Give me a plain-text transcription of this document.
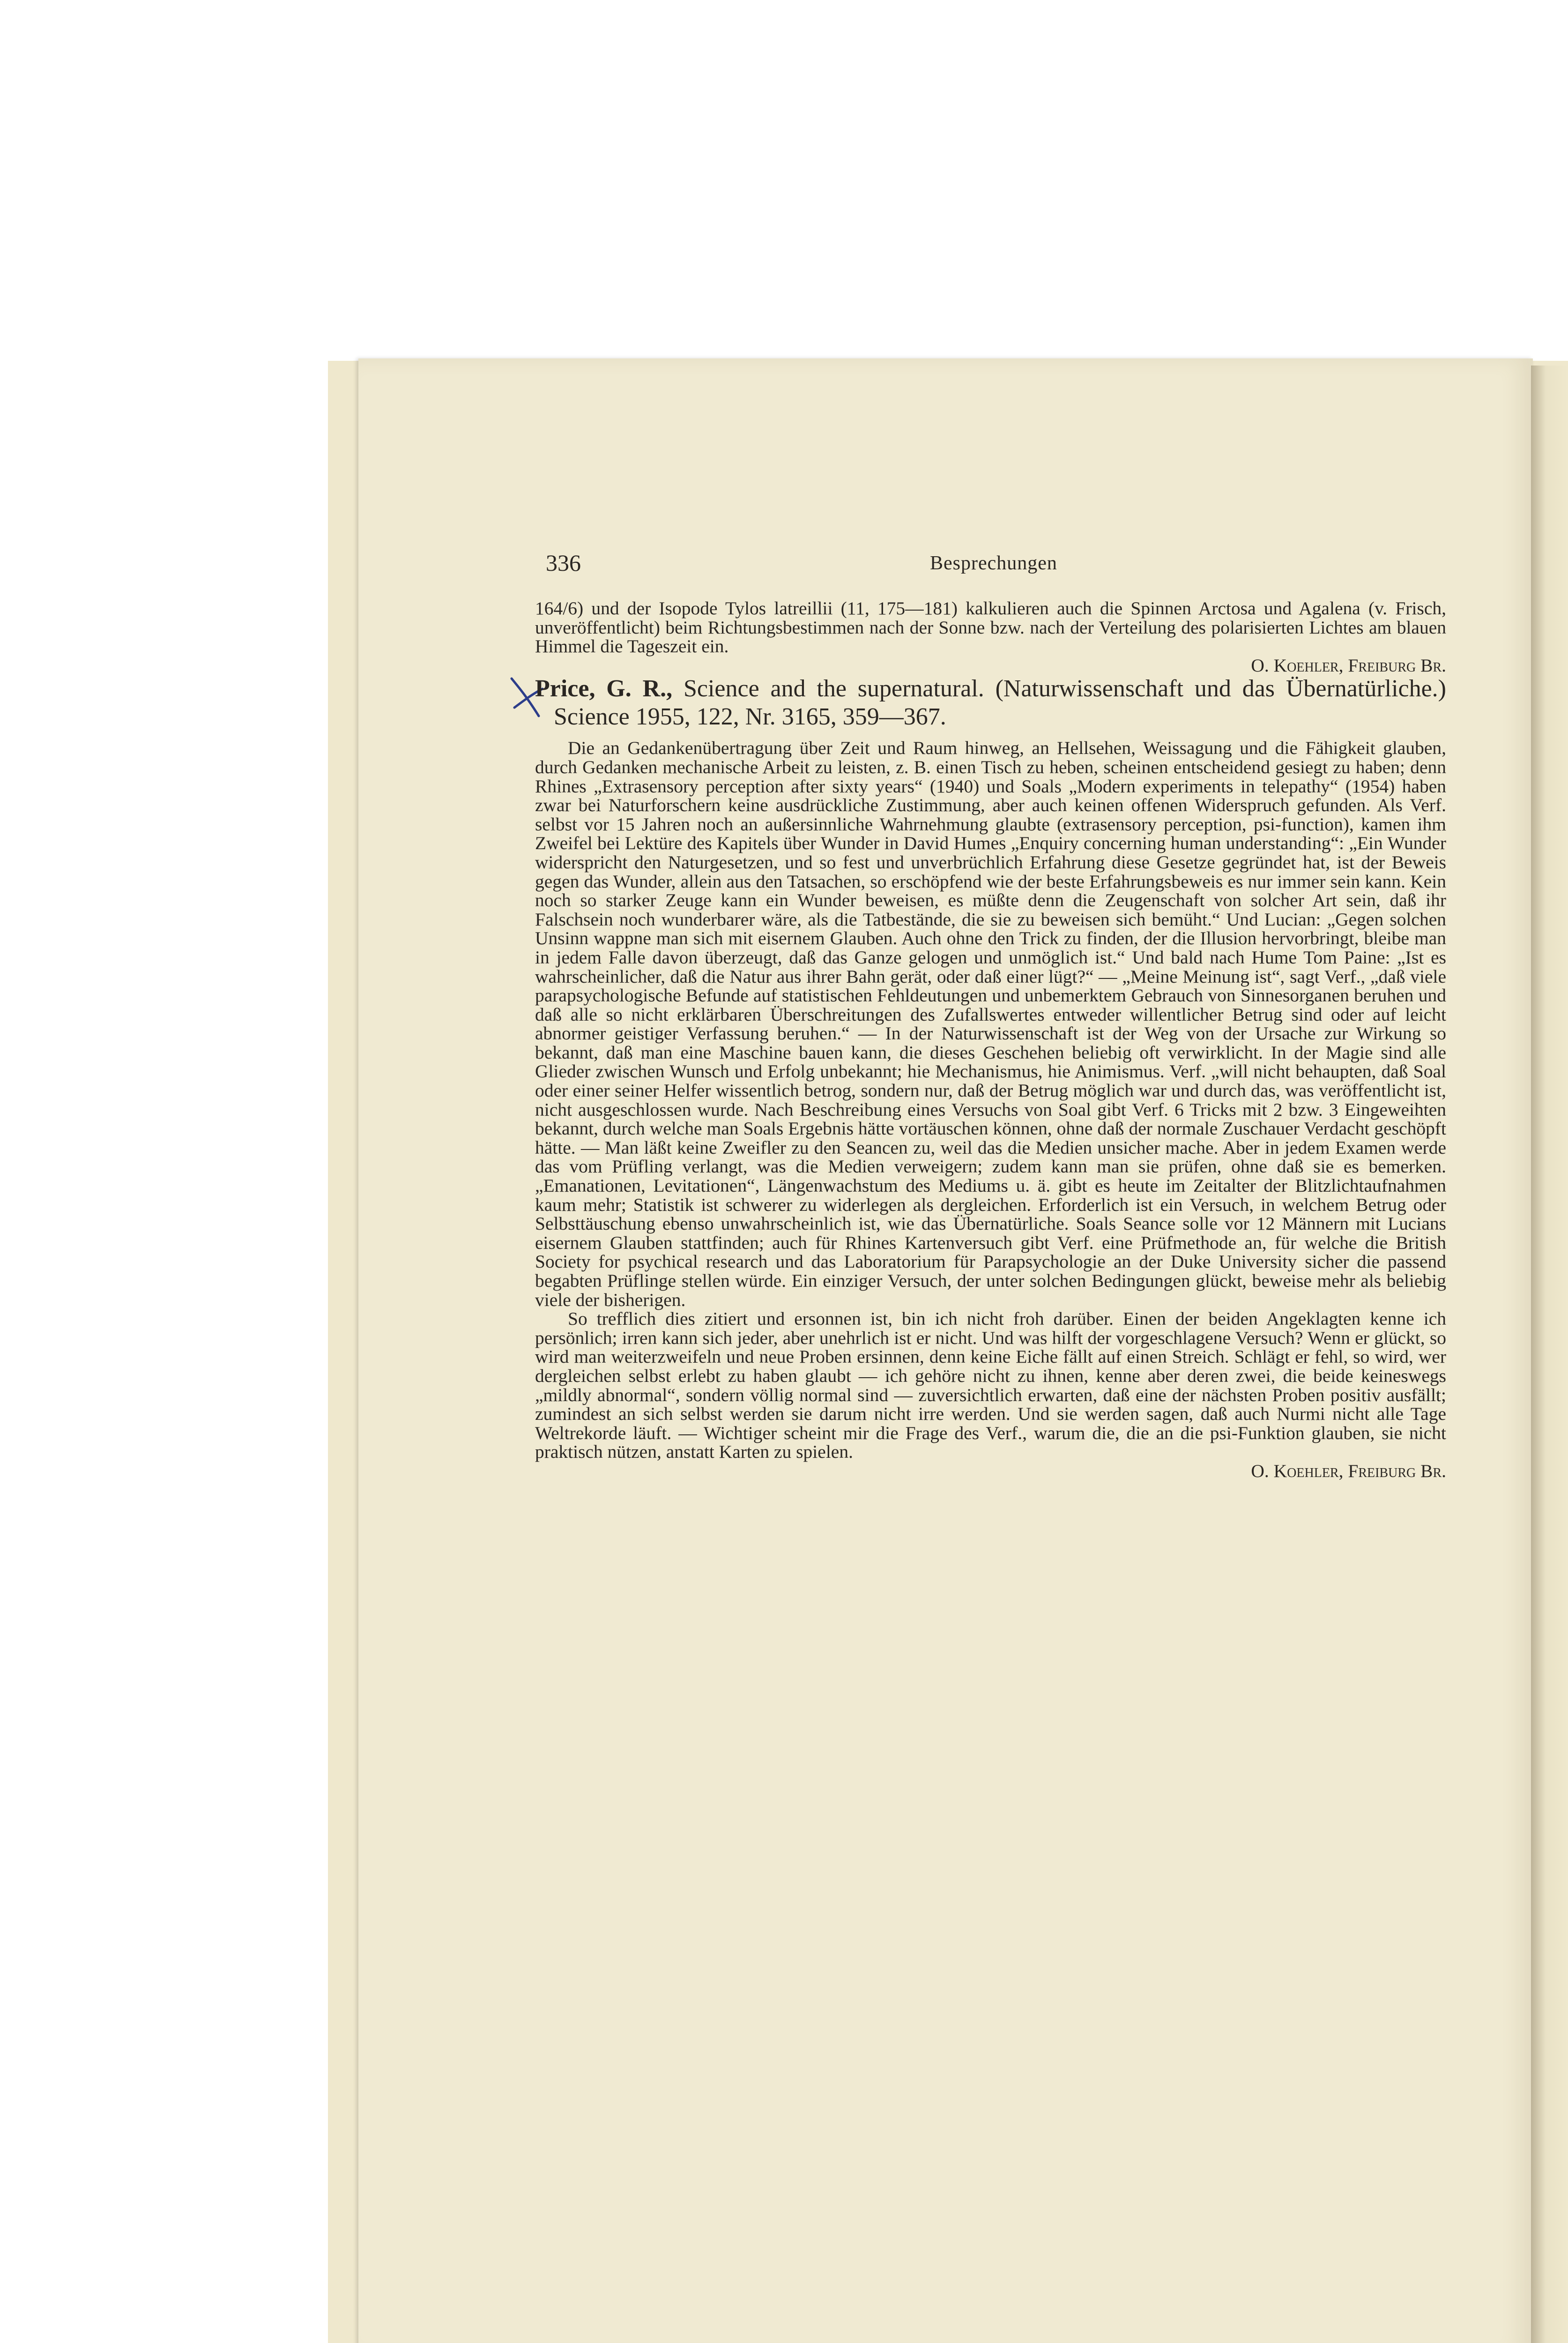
336	Besprechungen

164/6) und der Isopode Tylos latreillii (11, 175—181) kalkulieren auch die Spinnen Arctosa und Agalena (v. Frisch, unveröffentlicht) beim Richtungsbestimmen nach der Sonne bzw. nach der Verteilung des polarisierten Lichtes am blauen Himmel die Tageszeit ein.

O. Koehler, Freiburg Br.

Price, G. R., Science and the supernatural. (Naturwissenschaft und das Übernatürliche.) Science 1955, 122, Nr. 3165, 359—367.

Die an Gedankenübertragung über Zeit und Raum hinweg, an Hellsehen, Weissagung und die Fähigkeit glauben, durch Gedanken mechanische Arbeit zu leisten, z. B. einen Tisch zu heben, scheinen entscheidend gesiegt zu haben; denn Rhines „Extrasensory perception after sixty years“ (1940) und Soals „Modern experiments in telepathy“ (1954) haben zwar bei Naturforschern keine ausdrückliche Zustimmung, aber auch keinen offenen Widerspruch gefunden. Als Verf. selbst vor 15 Jahren noch an außersinnliche Wahrnehmung glaubte (extrasensory perception, psi-function), kamen ihm Zweifel bei Lektüre des Kapitels über Wunder in David Humes „Enquiry concerning human understanding“: „Ein Wunder widerspricht den Naturgesetzen, und so fest und unverbrüchlich Erfahrung diese Gesetze gegründet hat, ist der Beweis gegen das Wunder, allein aus den Tatsachen, so erschöpfend wie der beste Erfahrungsbeweis es nur immer sein kann. Kein noch so starker Zeuge kann ein Wunder beweisen, es müßte denn die Zeugenschaft von solcher Art sein, daß ihr Falschsein noch wunderbarer wäre, als die Tatbestände, die sie zu beweisen sich bemüht.“ Und Lucian: „Gegen solchen Unsinn wappne man sich mit eisernem Glauben. Auch ohne den Trick zu finden, der die Illusion hervorbringt, bleibe man in jedem Falle davon überzeugt, daß das Ganze gelogen und unmöglich ist.“ Und bald nach Hume Tom Paine: „Ist es wahrscheinlicher, daß die Natur aus ihrer Bahn gerät, oder daß einer lügt?“ — „Meine Meinung ist“, sagt Verf., „daß viele parapsychologische Befunde auf statistischen Fehldeutungen und unbemerktem Gebrauch von Sinnesorganen beruhen und daß alle so nicht erklärbaren Überschreitungen des Zufallswertes entweder willentlicher Betrug sind oder auf leicht abnormer geistiger Verfassung beruhen.“ — In der Naturwissenschaft ist der Weg von der Ursache zur Wirkung so bekannt, daß man eine Maschine bauen kann, die dieses Geschehen beliebig oft verwirklicht. In der Magie sind alle Glieder zwischen Wunsch und Erfolg unbekannt; hie Mechanismus, hie Animismus. Verf. „will nicht behaupten, daß Soal oder einer seiner Helfer wissentlich betrog, sondern nur, daß der Betrug möglich war und durch das, was veröffentlicht ist, nicht ausgeschlossen wurde. Nach Beschreibung eines Versuchs von Soal gibt Verf. 6 Tricks mit 2 bzw. 3 Eingeweihten bekannt, durch welche man Soals Ergebnis hätte vortäuschen können, ohne daß der normale Zuschauer Verdacht geschöpft hätte. — Man läßt keine Zweifler zu den Seancen zu, weil das die Medien unsicher mache. Aber in jedem Examen werde das vom Prüfling verlangt, was die Medien verweigern; zudem kann man sie prüfen, ohne daß sie es bemerken. „Emanationen, Levitationen“, Längenwachstum des Mediums u. ä. gibt es heute im Zeitalter der Blitzlichtaufnahmen kaum mehr; Statistik ist schwerer zu widerlegen als dergleichen. Erforderlich ist ein Versuch, in welchem Betrug oder Selbsttäuschung ebenso unwahrscheinlich ist, wie das Übernatürliche. Soals Seance solle vor 12 Männern mit Lucians eisernem Glauben stattfinden; auch für Rhines Kartenversuch gibt Verf. eine Prüfmethode an, für welche die British Society for psychical research und das Laboratorium für Parapsychologie an der Duke University sicher die passend begabten Prüflinge stellen würde. Ein einziger Versuch, der unter solchen Bedingungen glückt, beweise mehr als beliebig viele der bisherigen.

So trefflich dies zitiert und ersonnen ist, bin ich nicht froh darüber. Einen der beiden Angeklagten kenne ich persönlich; irren kann sich jeder, aber unehrlich ist er nicht. Und was hilft der vorgeschlagene Versuch? Wenn er glückt, so wird man weiterzweifeln und neue Proben ersinnen, denn keine Eiche fällt auf einen Streich. Schlägt er fehl, so wird, wer dergleichen selbst erlebt zu haben glaubt — ich gehöre nicht zu ihnen, kenne aber deren zwei, die beide keineswegs „mildly abnormal“, sondern völlig normal sind — zuversichtlich erwarten, daß eine der nächsten Proben positiv ausfällt; zumindest an sich selbst werden sie darum nicht irre werden. Und sie werden sagen, daß auch Nurmi nicht alle Tage Weltrekorde läuft. — Wichtiger scheint mir die Frage des Verf., warum die, die an die psi-Funktion glauben, sie nicht praktisch nützen, anstatt Karten zu spielen.

O. Koehler, Freiburg Br.
